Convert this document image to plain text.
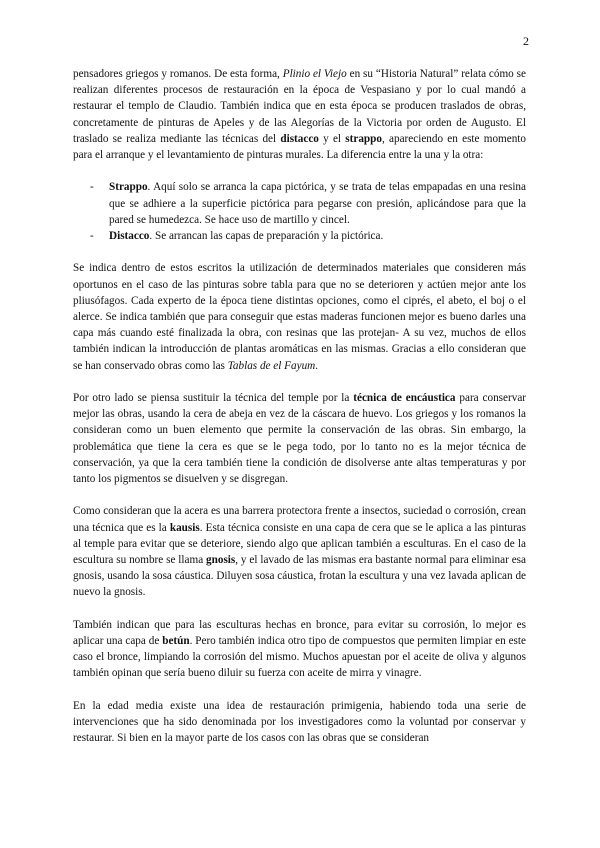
2

pensadores griegos y romanos. De esta forma, Plinio el Viejo en su “Historia Natural” relata cómo se realizan diferentes procesos de restauración en la época de Vespasiano y por lo cual mandó a restaurar el templo de Claudio. También indica que en esta época se producen traslados de obras, concretamente de pinturas de Apeles y de las Alegorías de la Victoria por orden de Augusto. El traslado se realiza mediante las técnicas del distacco y el strappo, apareciendo en este momento para el arranque y el levantamiento de pinturas murales. La diferencia entre la una y la otra:

- Strappo. Aquí solo se arranca la capa pictórica, y se trata de telas empapadas en una resina que se adhiere a la superficie pictórica para pegarse con presión, aplicándose para que la pared se humedezca. Se hace uso de martillo y cincel.
- Distacco. Se arrancan las capas de preparación y la pictórica.

Se indica dentro de estos escritos la utilización de determinados materiales que consideren más oportunos en el caso de las pinturas sobre tabla para que no se deterioren y actúen mejor ante los pliusófagos. Cada experto de la época tiene distintas opciones, como el ciprés, el abeto, el boj o el alerce. Se indica también que para conseguir que estas maderas funcionen mejor es bueno darles una capa más cuando esté finalizada la obra, con resinas que las protejan- A su vez, muchos de ellos también indican la introducción de plantas aromáticas en las mismas. Gracias a ello consideran que se han conservado obras como las Tablas de el Fayum.

Por otro lado se piensa sustituir la técnica del temple por la técnica de encáustica para conservar mejor las obras, usando la cera de abeja en vez de la cáscara de huevo. Los griegos y los romanos la consideran como un buen elemento que permite la conservación de las obras. Sin embargo, la problemática que tiene la cera es que se le pega todo, por lo tanto no es la mejor técnica de conservación, ya que la cera también tiene la condición de disolverse ante altas temperaturas y por tanto los pigmentos se disuelven y se disgregan.

Como consideran que la acera es una barrera protectora frente a insectos, suciedad o corrosión, crean una técnica que es la kausis. Esta técnica consiste en una capa de cera que se le aplica a las pinturas al temple para evitar que se deteriore, siendo algo que aplican también a esculturas. En el caso de la escultura su nombre se llama gnosis, y el lavado de las mismas era bastante normal para eliminar esa gnosis, usando la sosa cáustica. Diluyen sosa cáustica, frotan la escultura y una vez lavada aplican de nuevo la gnosis.

También indican que para las esculturas hechas en bronce, para evitar su corrosión, lo mejor es aplicar una capa de betún. Pero también indica otro tipo de compuestos que permiten limpiar en este caso el bronce, limpiando la corrosión del mismo. Muchos apuestan por el aceite de oliva y algunos también opinan que sería bueno diluir su fuerza con aceite de mirra y vinagre.

En la edad media existe una idea de restauración primigenia, habiendo toda una serie de intervenciones que ha sido denominada por los investigadores como la voluntad por conservar y restaurar. Si bien en la mayor parte de los casos con las obras que se consideran
